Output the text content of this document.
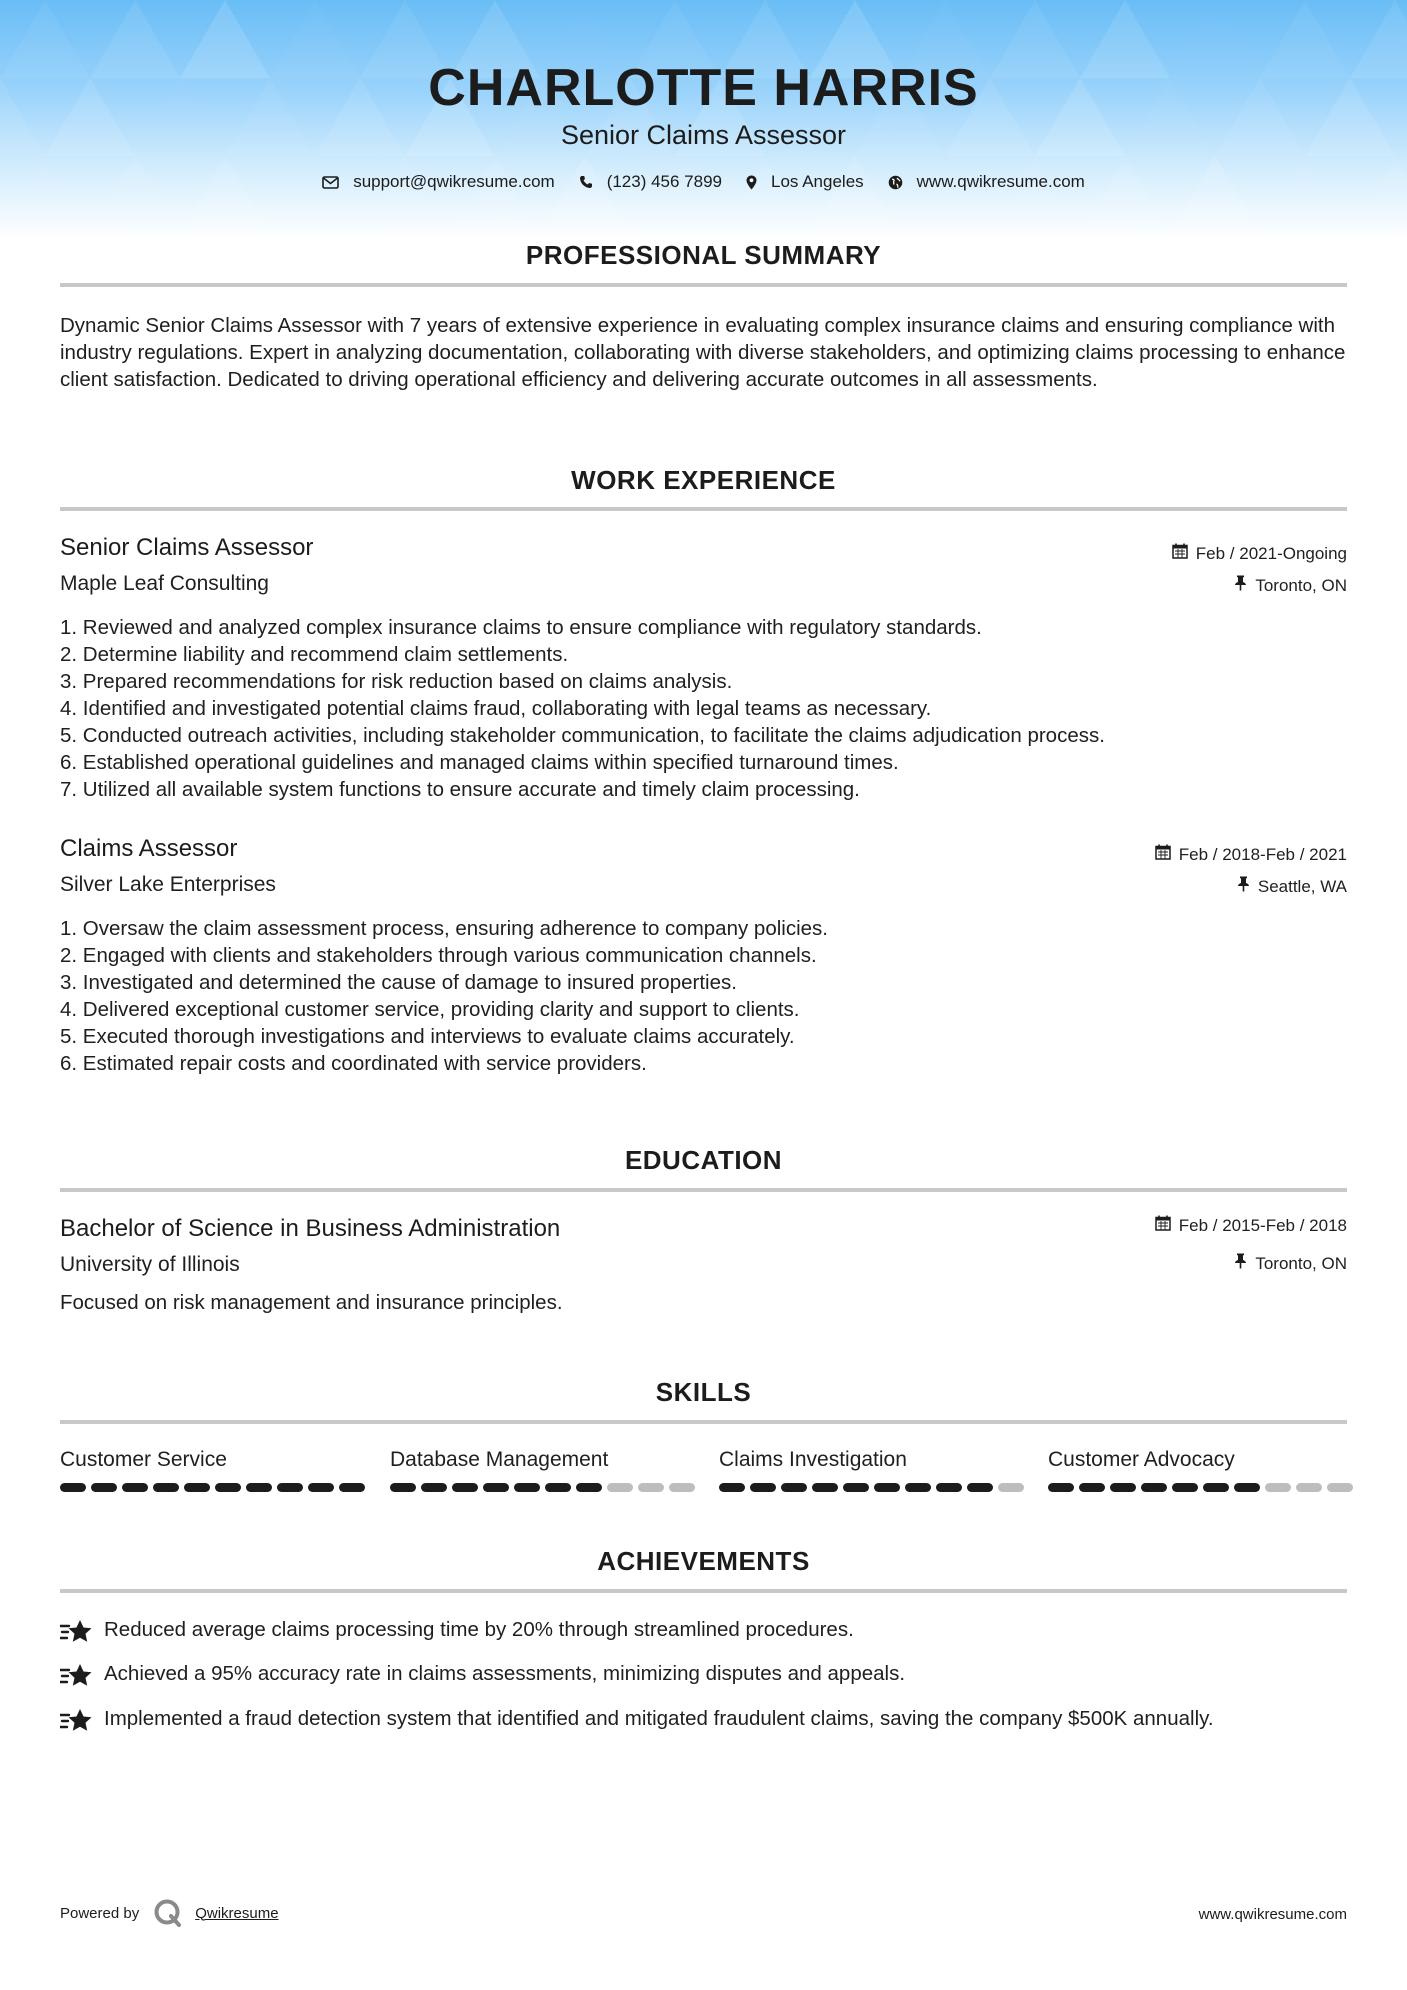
CHARLOTTE HARRIS
Senior Claims Assessor
support@qwikresume.com	(123) 456 7899	Los Angeles	www.qwikresume.com
PROFESSIONAL SUMMARY
Dynamic Senior Claims Assessor with 7 years of extensive experience in evaluating complex insurance claims and ensuring compliance with industry regulations. Expert in analyzing documentation, collaborating with diverse stakeholders, and optimizing claims processing to enhance client satisfaction. Dedicated to driving operational efficiency and delivering accurate outcomes in all assessments.
WORK EXPERIENCE
Senior Claims Assessor	Feb / 2021-Ongoing
Maple Leaf Consulting	Toronto, ON
1. Reviewed and analyzed complex insurance claims to ensure compliance with regulatory standards.
2. Determine liability and recommend claim settlements.
3. Prepared recommendations for risk reduction based on claims analysis.
4. Identified and investigated potential claims fraud, collaborating with legal teams as necessary.
5. Conducted outreach activities, including stakeholder communication, to facilitate the claims adjudication process.
6. Established operational guidelines and managed claims within specified turnaround times.
7. Utilized all available system functions to ensure accurate and timely claim processing.
Claims Assessor	Feb / 2018-Feb / 2021
Silver Lake Enterprises	Seattle, WA
1. Oversaw the claim assessment process, ensuring adherence to company policies.
2. Engaged with clients and stakeholders through various communication channels.
3. Investigated and determined the cause of damage to insured properties.
4. Delivered exceptional customer service, providing clarity and support to clients.
5. Executed thorough investigations and interviews to evaluate claims accurately.
6. Estimated repair costs and coordinated with service providers.
EDUCATION
Bachelor of Science in Business Administration	Feb / 2015-Feb / 2018
University of Illinois	Toronto, ON
Focused on risk management and insurance principles.
SKILLS
Customer Service	Database Management	Claims Investigation	Customer Advocacy
ACHIEVEMENTS
Reduced average claims processing time by 20% through streamlined procedures.
Achieved a 95% accuracy rate in claims assessments, minimizing disputes and appeals.
Implemented a fraud detection system that identified and mitigated fraudulent claims, saving the company $500K annually.
Powered by	Qwikresume	www.qwikresume.com
